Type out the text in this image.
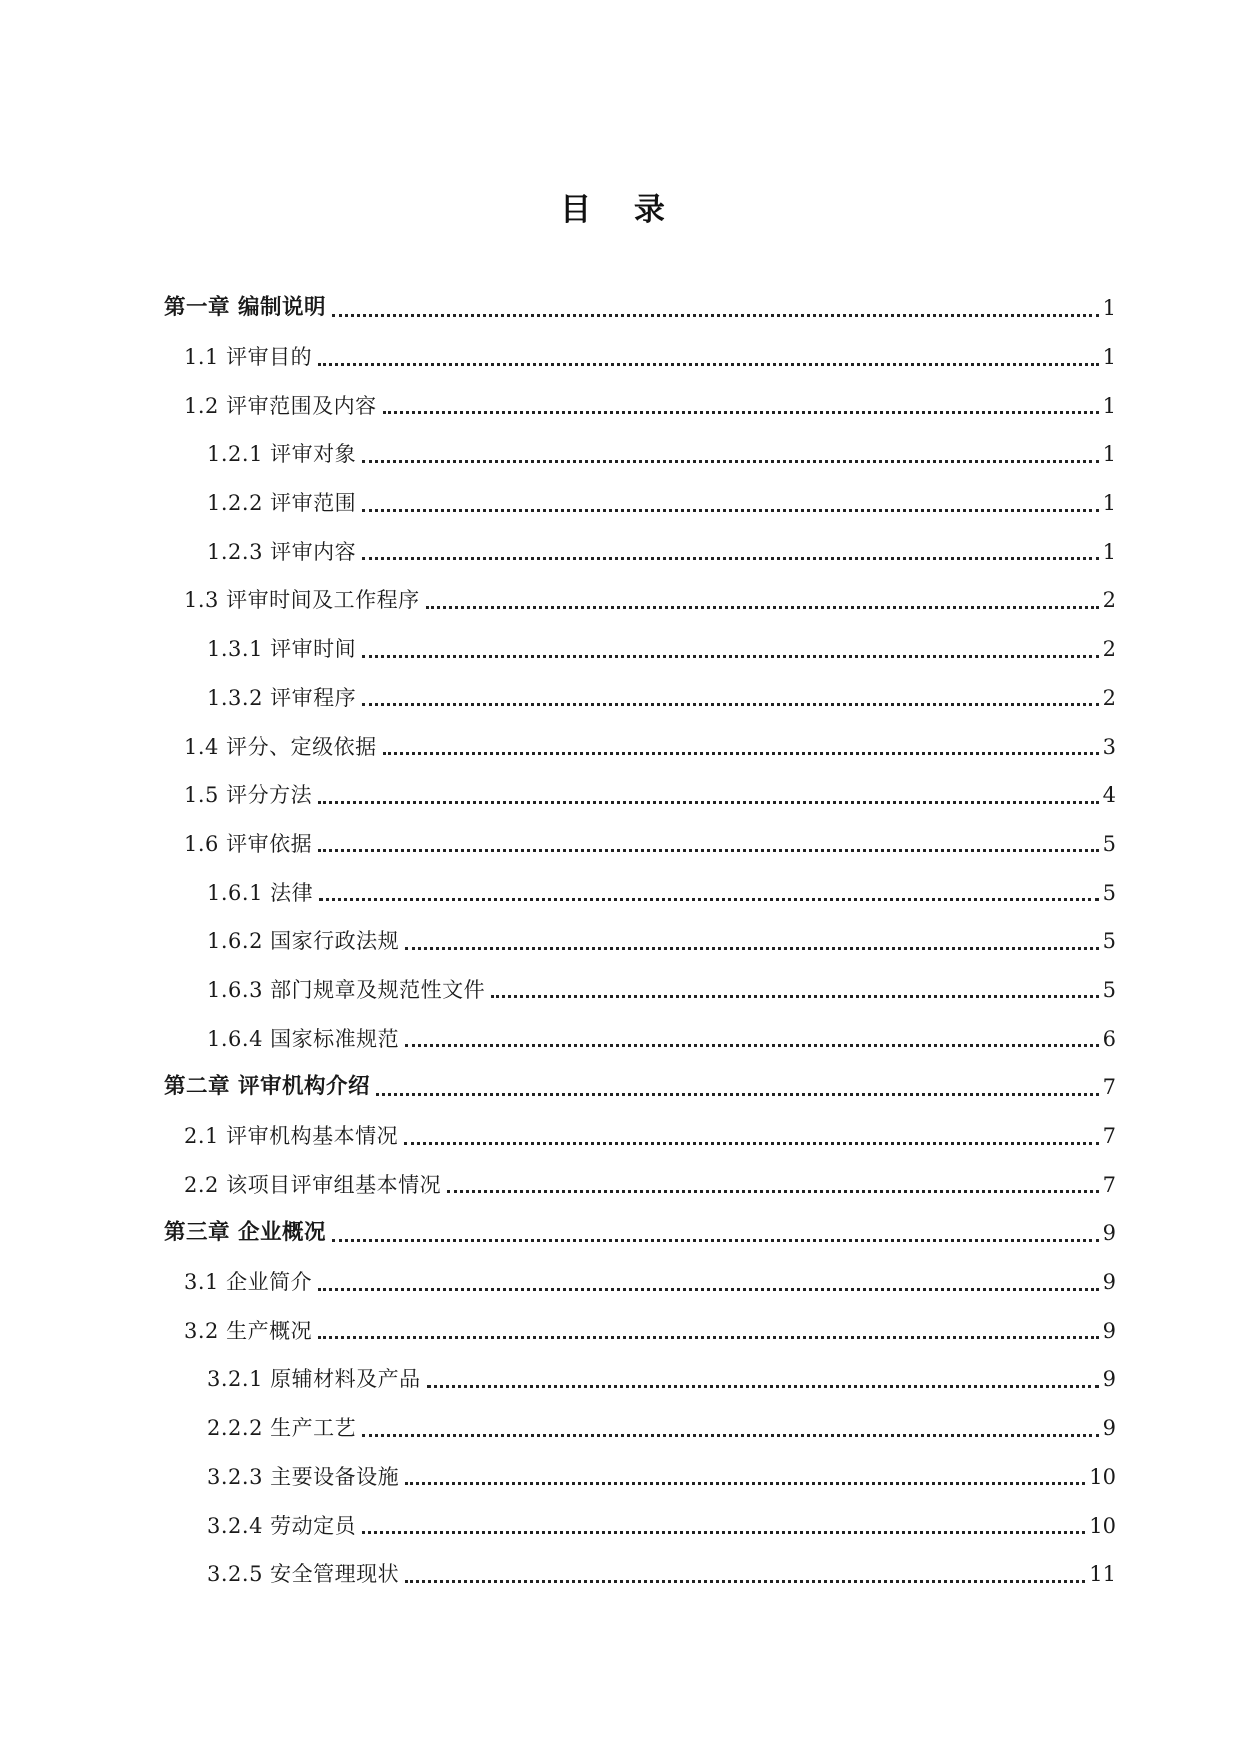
目 录
第一章 编制说明	1
1.1 评审目的	1
1.2 评审范围及内容	1
1.2.1 评审对象	1
1.2.2 评审范围	1
1.2.3 评审内容	1
1.3 评审时间及工作程序	2
1.3.1 评审时间	2
1.3.2 评审程序	2
1.4 评分、定级依据	3
1.5 评分方法	4
1.6 评审依据	5
1.6.1 法律	5
1.6.2 国家行政法规	5
1.6.3 部门规章及规范性文件	5
1.6.4 国家标准规范	6
第二章 评审机构介绍	7
2.1 评审机构基本情况	7
2.2 该项目评审组基本情况	7
第三章 企业概况	9
3.1 企业简介	9
3.2 生产概况	9
3.2.1 原辅材料及产品	9
2.2.2 生产工艺	9
3.2.3 主要设备设施	10
3.2.4 劳动定员	10
3.2.5 安全管理现状	11
